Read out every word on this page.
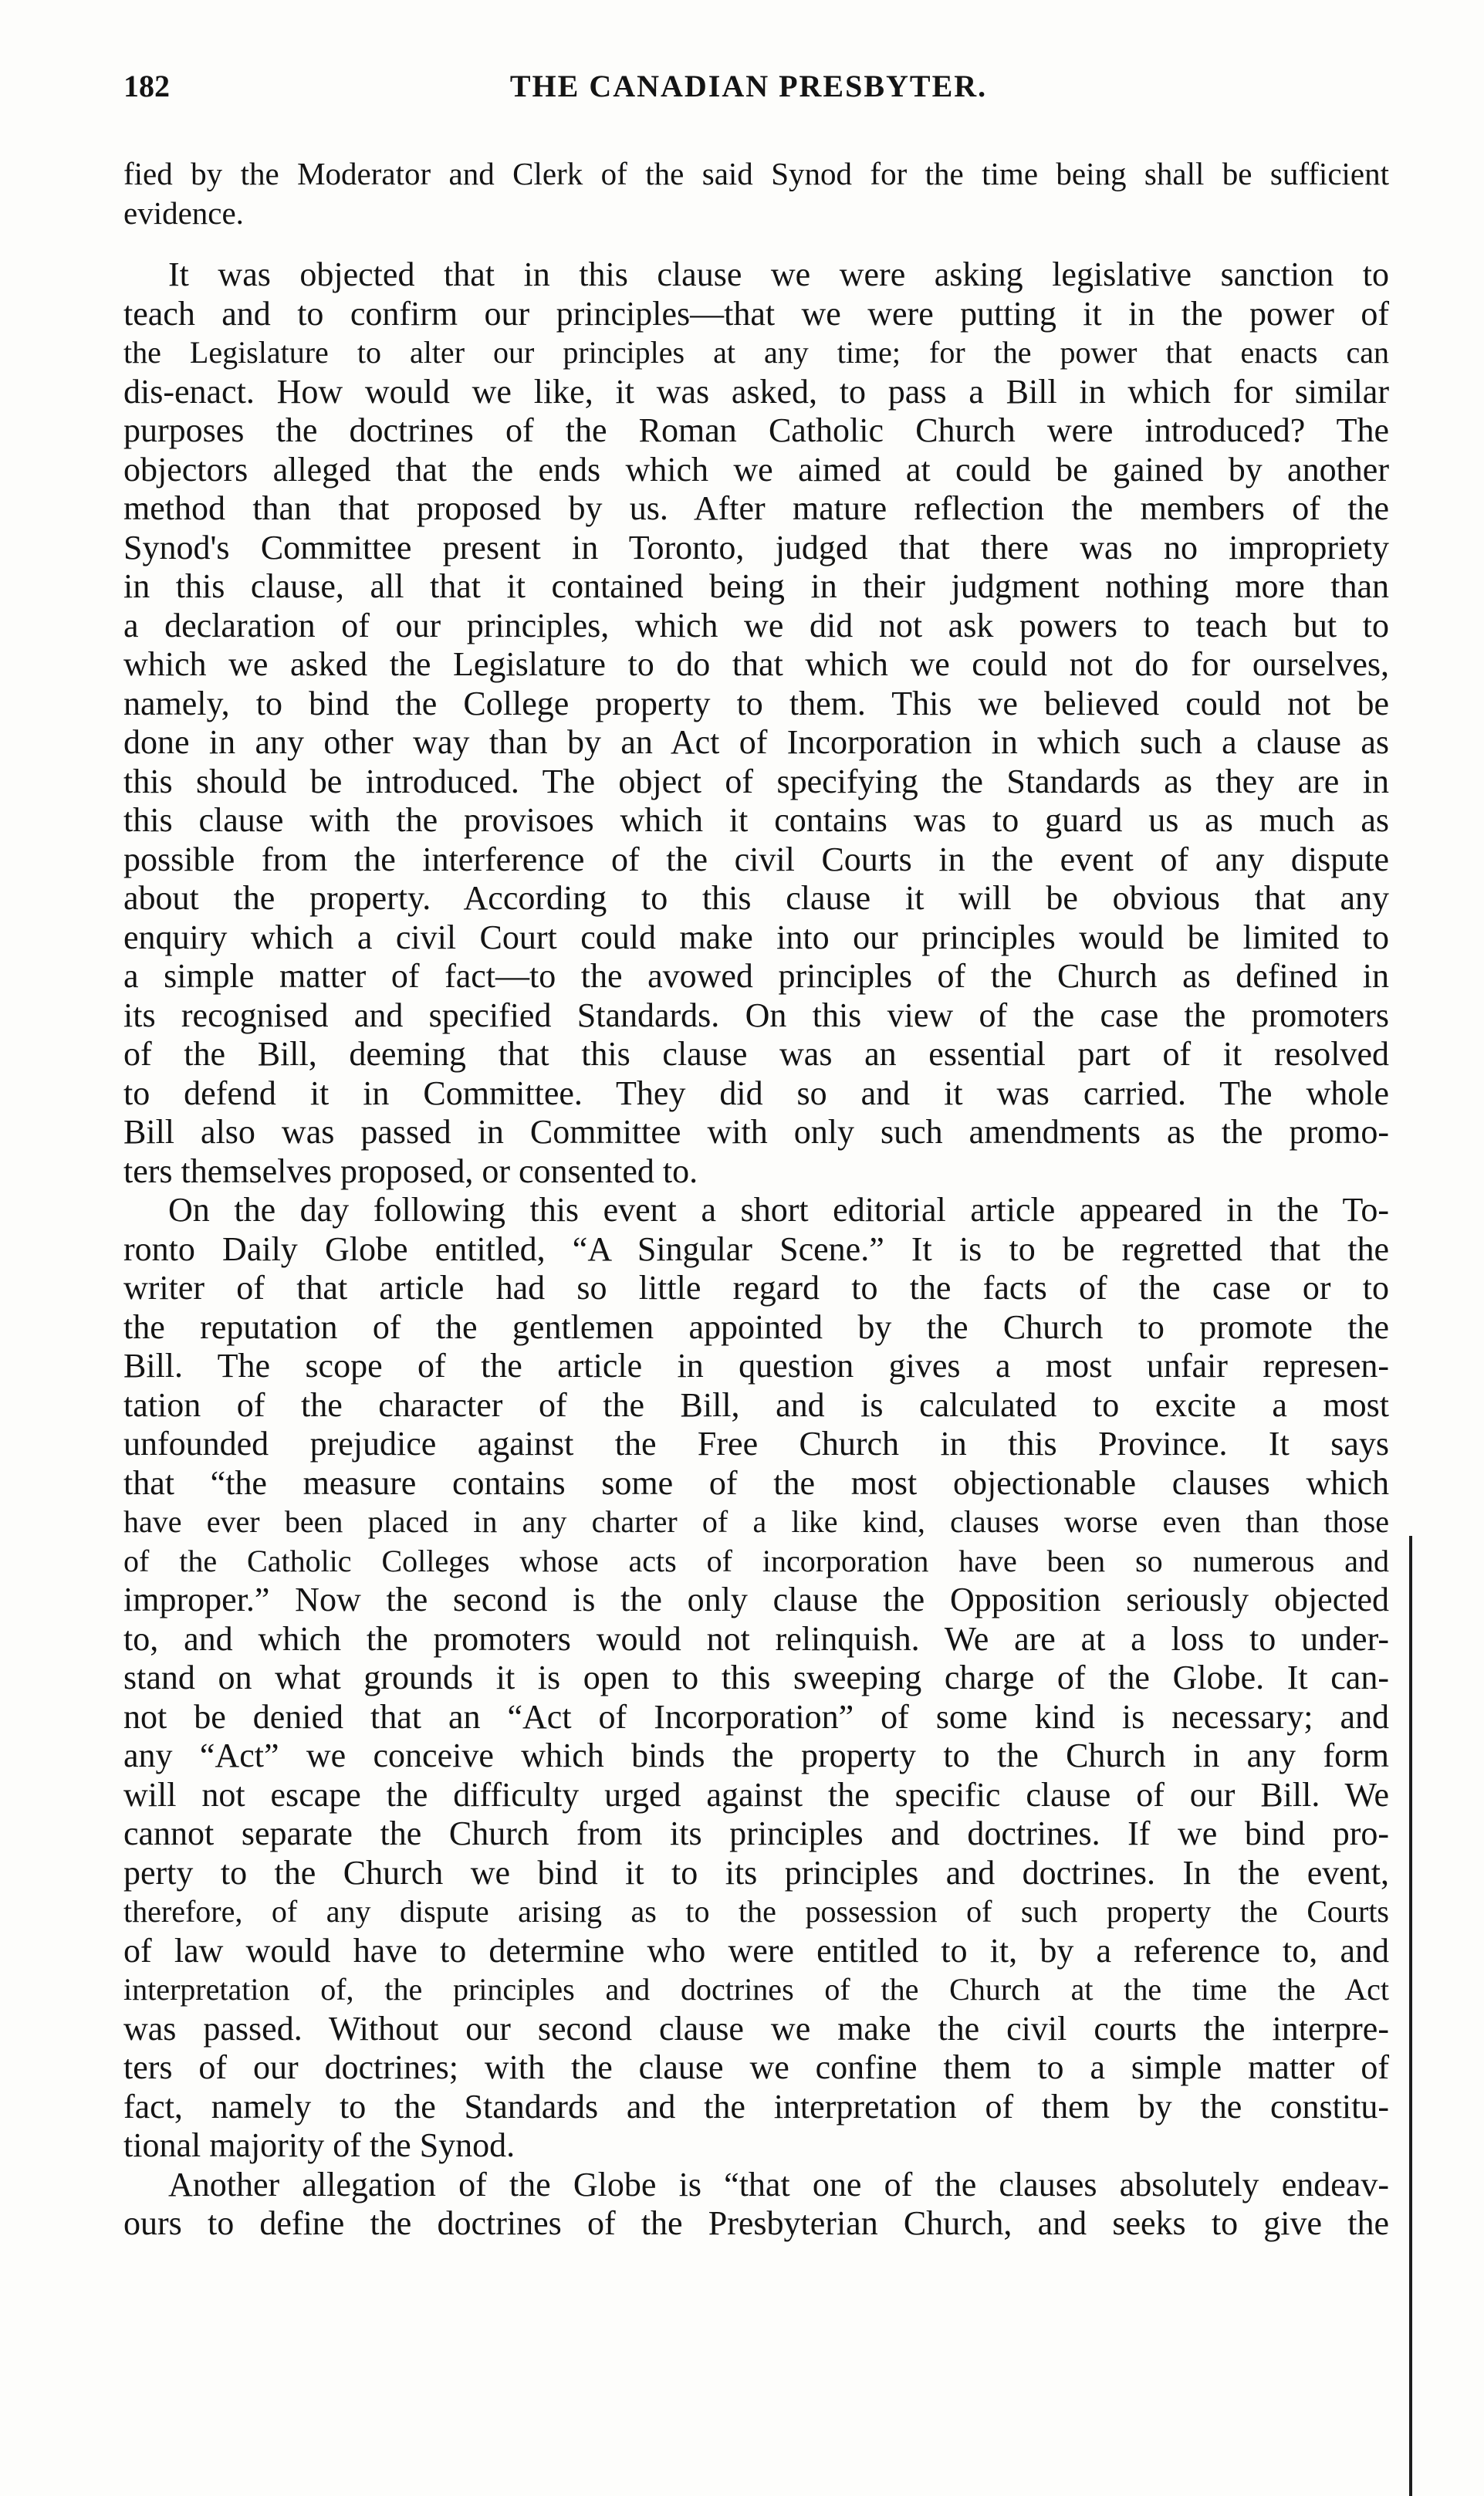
182	THE CANADIAN PRESBYTER.
fied by the Moderator and Clerk of the said Synod for the time being shall be sufficient
evidence.
It was objected that in this clause we were asking legislative sanction to
teach and to confirm our principles—that we were putting it in the power of
the Legislature to alter our principles at any time; for the power that enacts can
dis-enact. How would we like, it was asked, to pass a Bill in which for similar
purposes the doctrines of the Roman Catholic Church were introduced? The
objectors alleged that the ends which we aimed at could be gained by another
method than that proposed by us. After mature reflection the members of the
Synod's Committee present in Toronto, judged that there was no impropriety
in this clause, all that it contained being in their judgment nothing more than
a declaration of our principles, which we did not ask powers to teach but to
which we asked the Legislature to do that which we could not do for ourselves,
namely, to bind the College property to them. This we believed could not be
done in any other way than by an Act of Incorporation in which such a clause as
this should be introduced. The object of specifying the Standards as they are in
this clause with the provisoes which it contains was to guard us as much as
possible from the interference of the civil Courts in the event of any dispute
about the property. According to this clause it will be obvious that any
enquiry which a civil Court could make into our principles would be limited to
a simple matter of fact—to the avowed principles of the Church as defined in
its recognised and specified Standards. On this view of the case the promoters
of the Bill, deeming that this clause was an essential part of it resolved
to defend it in Committee. They did so and it was carried. The whole
Bill also was passed in Committee with only such amendments as the promo-
ters themselves proposed, or consented to.
On the day following this event a short editorial article appeared in the To-
ronto Daily Globe entitled, “A Singular Scene.” It is to be regretted that the
writer of that article had so little regard to the facts of the case or to
the reputation of the gentlemen appointed by the Church to promote the
Bill. The scope of the article in question gives a most unfair represen-
tation of the character of the Bill, and is calculated to excite a most
unfounded prejudice against the Free Church in this Province. It says
that “the measure contains some of the most objectionable clauses which
have ever been placed in any charter of a like kind, clauses worse even than those
of the Catholic Colleges whose acts of incorporation have been so numerous and
improper.” Now the second is the only clause the Opposition seriously objected
to, and which the promoters would not relinquish. We are at a loss to under-
stand on what grounds it is open to this sweeping charge of the Globe. It can-
not be denied that an “Act of Incorporation” of some kind is necessary; and
any “Act” we conceive which binds the property to the Church in any form
will not escape the difficulty urged against the specific clause of our Bill. We
cannot separate the Church from its principles and doctrines. If we bind pro-
perty to the Church we bind it to its principles and doctrines. In the event,
therefore, of any dispute arising as to the possession of such property the Courts
of law would have to determine who were entitled to it, by a reference to, and
interpretation of, the principles and doctrines of the Church at the time the Act
was passed. Without our second clause we make the civil courts the interpre-
ters of our doctrines; with the clause we confine them to a simple matter of
fact, namely to the Standards and the interpretation of them by the constitu-
tional majority of the Synod.
Another allegation of the Globe is “that one of the clauses absolutely endeav-
ours to define the doctrines of the Presbyterian Church, and seeks to give the
